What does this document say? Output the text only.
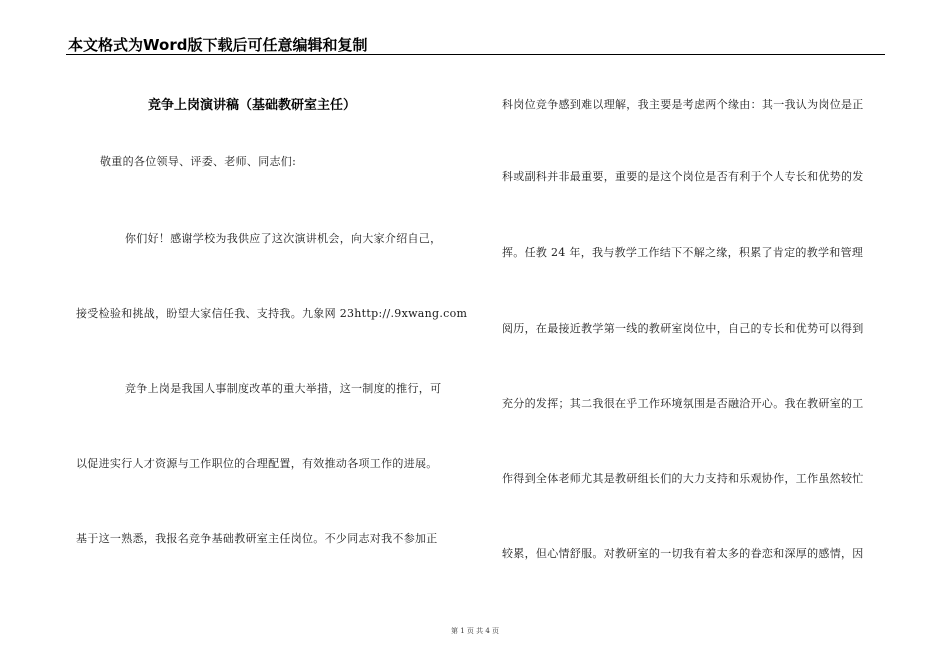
本文格式为Word版下载后可任意编辑和复制
竞争上岗演讲稿（基础教研室主任）
敬重的各位领导、评委、老师、同志们:
你们好！感谢学校为我供应了这次演讲机会，向大家介绍自己，
接受检验和挑战，盼望大家信任我、支持我。九象网 23http://.9xwang.com
竞争上岗是我国人事制度改革的重大举措，这一制度的推行，可
以促进实行人才资源与工作职位的合理配置，有效推动各项工作的进展。
基于这一熟悉，我报名竞争基础教研室主任岗位。不少同志对我不参加正
科岗位竞争感到难以理解，我主要是考虑两个缘由：其一我认为岗位是正
科或副科并非最重要，重要的是这个岗位是否有利于个人专长和优势的发
挥。任教 24 年，我与教学工作结下不解之缘，积累了肯定的教学和管理
阅历，在最接近教学第一线的教研室岗位中，自己的专长和优势可以得到
充分的发挥；其二我很在乎工作环境氛围是否融洽开心。我在教研室的工
作得到全体老师尤其是教研组长们的大力支持和乐观协作，工作虽然较忙
较累，但心情舒服。对教研室的一切我有着太多的眷恋和深厚的感情，因
第 1 页 共 4 页
